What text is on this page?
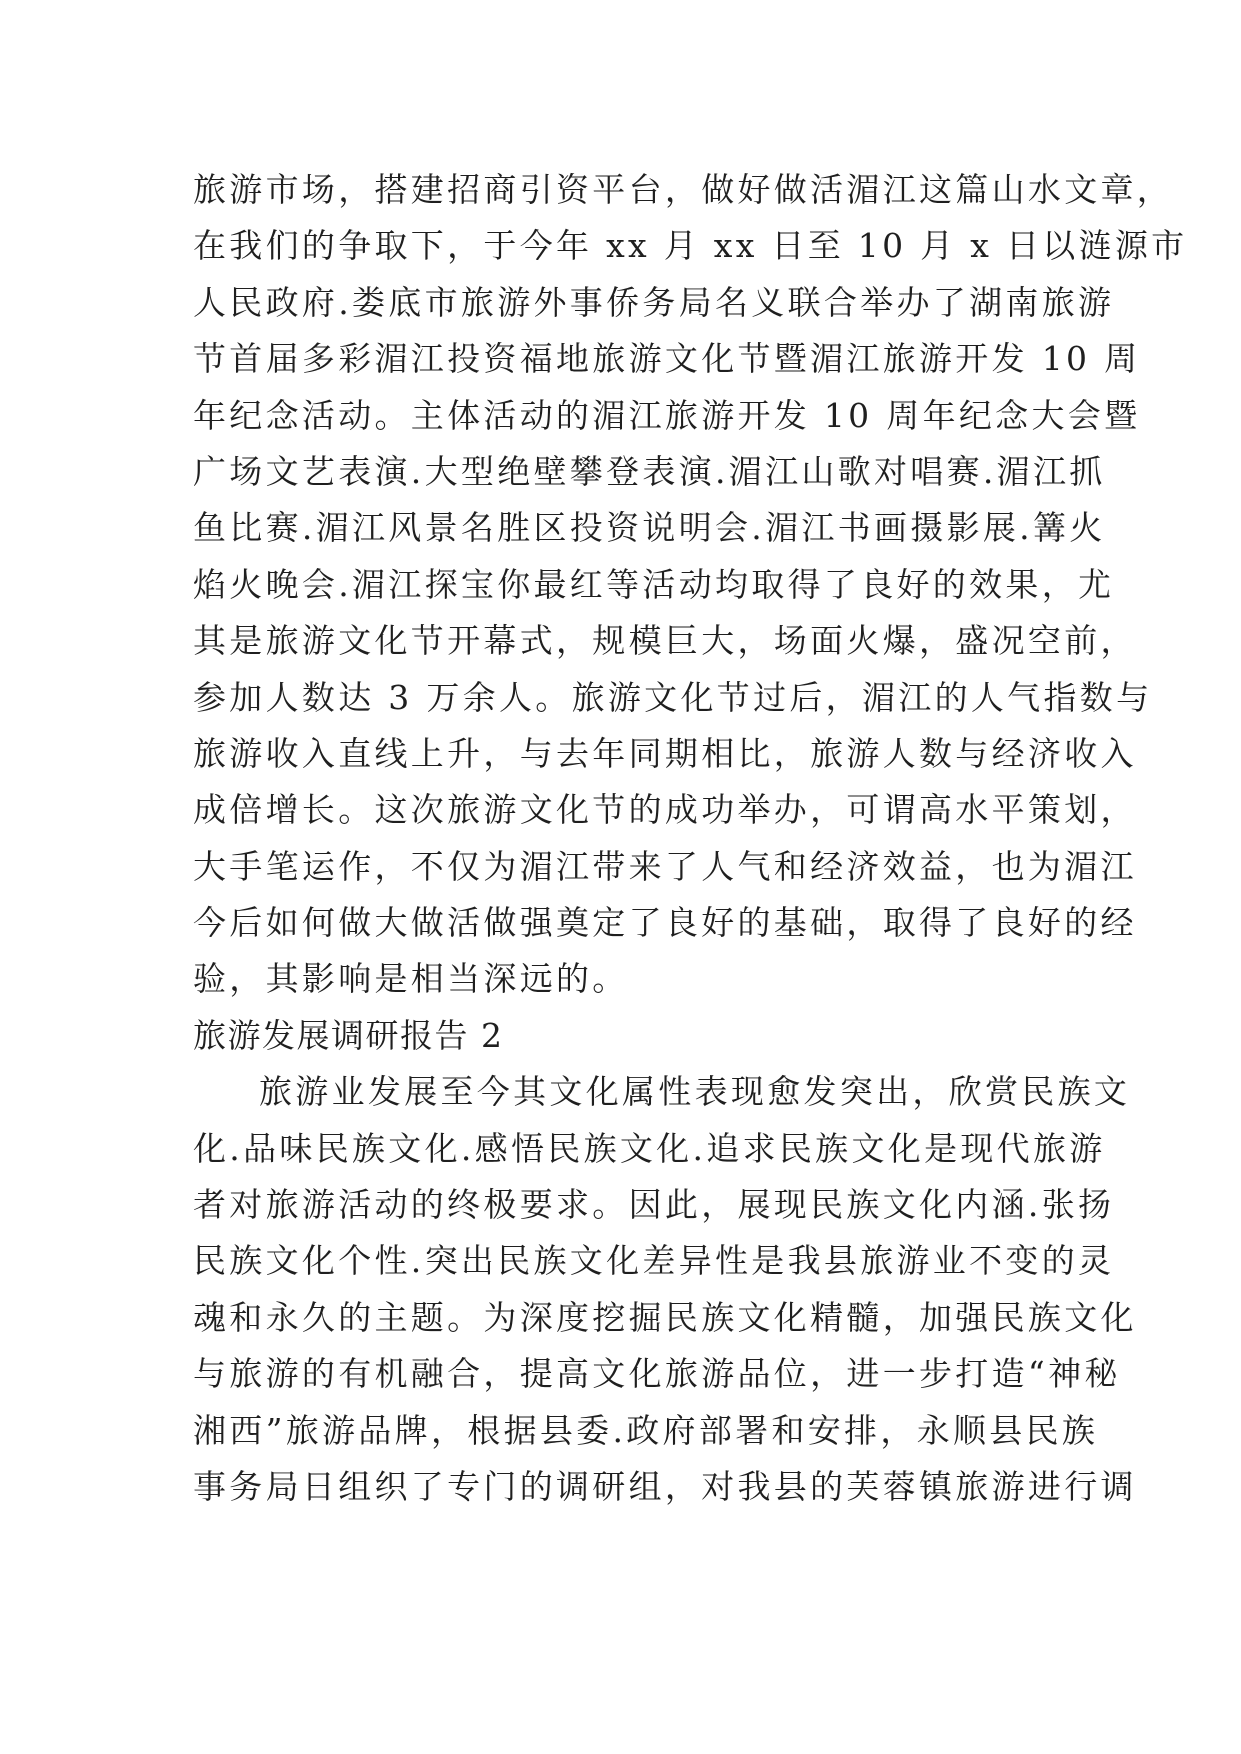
旅游市场，搭建招商引资平台，做好做活湄江这篇山水文章，
在我们的争取下，于今年 xx 月 xx 日至 10 月 x 日以涟源市
人民政府.娄底市旅游外事侨务局名义联合举办了湖南旅游
节首届多彩湄江投资福地旅游文化节暨湄江旅游开发 10 周
年纪念活动。主体活动的湄江旅游开发 10 周年纪念大会暨
广场文艺表演.大型绝壁攀登表演.湄江山歌对唱赛.湄江抓
鱼比赛.湄江风景名胜区投资说明会.湄江书画摄影展.篝火
焰火晚会.湄江探宝你最红等活动均取得了良好的效果，尤
其是旅游文化节开幕式，规模巨大，场面火爆，盛况空前，
参加人数达 3 万余人。旅游文化节过后，湄江的人气指数与
旅游收入直线上升，与去年同期相比，旅游人数与经济收入
成倍增长。这次旅游文化节的成功举办，可谓高水平策划，
大手笔运作，不仅为湄江带来了人气和经济效益，也为湄江
今后如何做大做活做强奠定了良好的基础，取得了良好的经
验，其影响是相当深远的。
旅游发展调研报告 2
旅游业发展至今其文化属性表现愈发突出，欣赏民族文
化.品味民族文化.感悟民族文化.追求民族文化是现代旅游
者对旅游活动的终极要求。因此，展现民族文化内涵.张扬
民族文化个性.突出民族文化差异性是我县旅游业不变的灵
魂和永久的主题。为深度挖掘民族文化精髓，加强民族文化
与旅游的有机融合，提高文化旅游品位，进一步打造“神秘
湘西”旅游品牌，根据县委.政府部署和安排，永顺县民族
事务局日组织了专门的调研组，对我县的芙蓉镇旅游进行调
